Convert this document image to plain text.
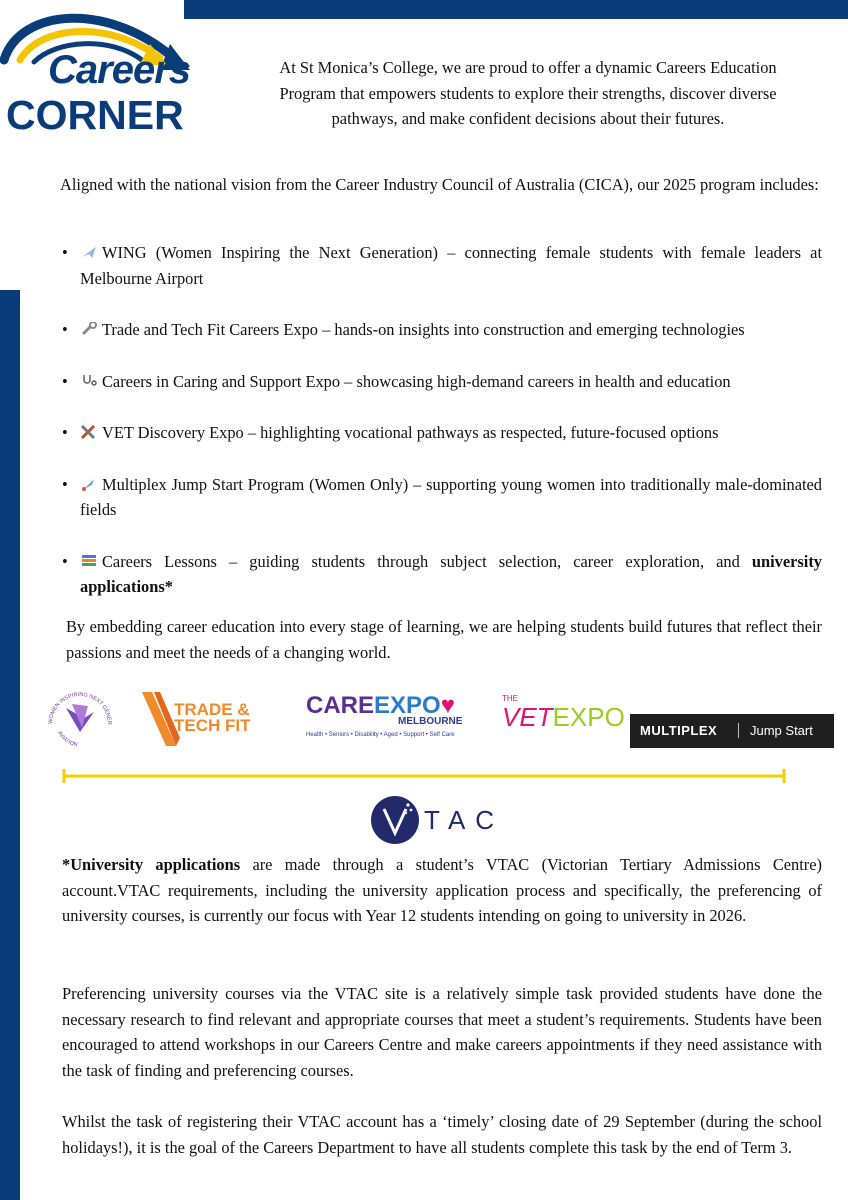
Careers
CORNER
At St Monica’s College, we are proud to offer a dynamic Careers Education Program that empowers students to explore their strengths, discover diverse pathways, and make confident decisions about their futures.
Aligned with the national vision from the Career Industry Council of Australia (CICA), our 2025 program includes:
• WING (Women Inspiring the Next Generation) – connecting female students with female leaders at Melbourne Airport
• Trade and Tech Fit Careers Expo – hands-on insights into construction and emerging technologies
• Careers in Caring and Support Expo – showcasing high-demand careers in health and education
• VET Discovery Expo – highlighting vocational pathways as respected, future-focused options
• Multiplex Jump Start Program (Women Only) – supporting young women into traditionally male-dominated fields
• Careers Lessons – guiding students through subject selection, career exploration, and university applications*
By embedding career education into every stage of learning, we are helping students build futures that reflect their passions and meet the needs of a changing world.
WOMEN INSPIRING NEXT GENER
AVIATION
TRADE &
TECH FIT
CAREEXPO♥
MELBOURNE
Health • Seniors • Disability • Aged • Support • Self Care
THE
VETEXPO MULTIPLEX	Jump Start
TAC

*University applications are made through a student’s VTAC (Victorian Tertiary Admissions Centre) account.VTAC requirements, including the university application process and specifically, the preferencing of university courses, is currently our focus with Year 12 students intending on going to university in 2026.

Preferencing university courses via the VTAC site is a relatively simple task provided students have done the necessary research to find relevant and appropriate courses that meet a student’s requirements. Students have been encouraged to attend workshops in our Careers Centre and make careers appointments if they need assistance with the task of finding and preferencing courses.

Whilst the task of registering their VTAC account has a ‘timely’ closing date of 29 September (during the school holidays!), it is the goal of the Careers Department to have all students complete this task by the end of Term 3.
